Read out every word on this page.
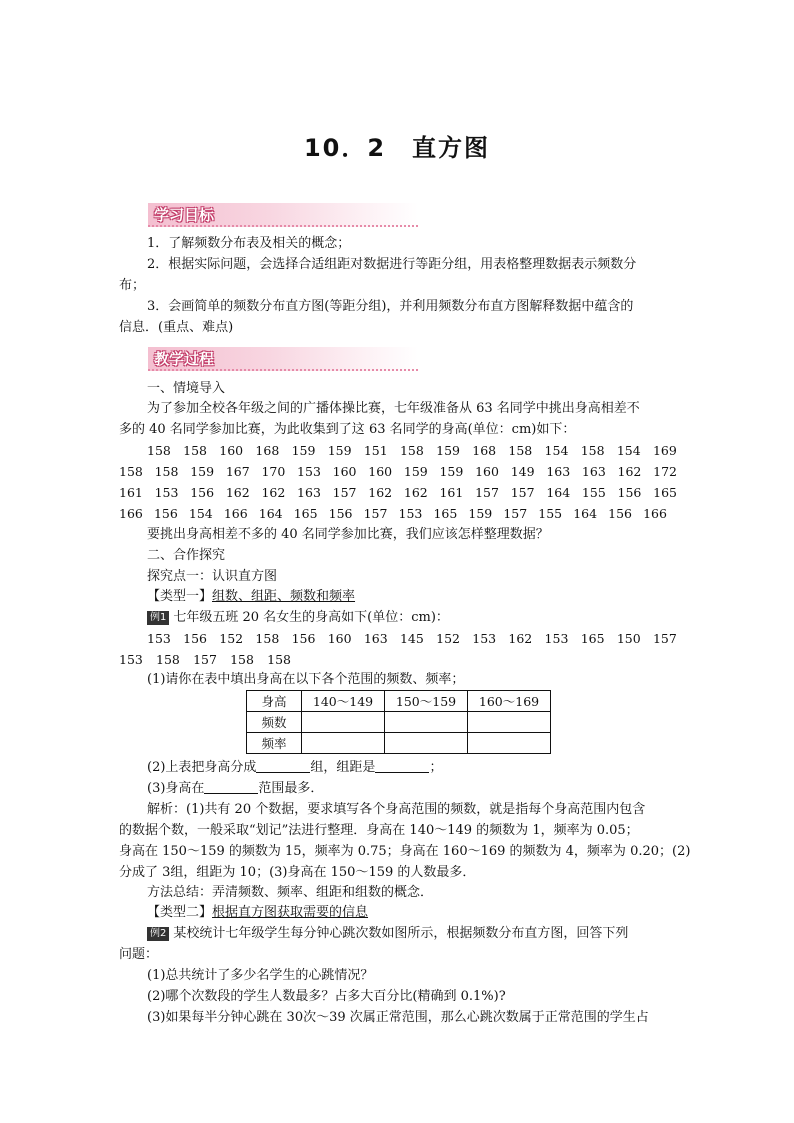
10．2　直方图
学习目标
1．了解频数分布表及相关的概念；
2．根据实际问题，会选择合适组距对数据进行等距分组，用表格整理数据表示频数分
布；
3．会画简单的频数分布直方图(等距分组)，并利用频数分布直方图解释数据中蕴含的
信息．(重点、难点)
教学过程
一、情境导入
为了参加全校各年级之间的广播体操比赛，七年级准备从 63 名同学中挑出身高相差不
多的 40 名同学参加比赛，为此收集到了这 63 名同学的身高(单位：cm)如下：
158 158 160 168 159 159 151 158 159 168 158 154 158 154 169
158 158 159 167 170 153 160 160 159 159 160 149 163 163 162 172
161 153 156 162 162 163 157 162 162 161 157 157 164 155 156 165
166 156 154 166 164 165 156 157 153 165 159 157 155 164 156 166
要挑出身高相差不多的 40 名同学参加比赛，我们应该怎样整理数据？
二、合作探究
探究点一：认识直方图
【类型一】组数、组距、频数和频率
例1 七年级五班 20 名女生的身高如下(单位：cm)：
153 156 152 158 156 160 163 145 152 153 162 153 165 150 157
153 158 157 158 158
(1)请你在表中填出身高在以下各个范围的频数、频率；
身高	140～149	150～159	160～169
频数			
频率			
(2)上表把身高分成	组，组距是	；
(3)身高在	范围最多．
解析：(1)共有 20 个数据，要求填写各个身高范围的频数，就是指每个身高范围内包含
的数据个数，一般采取“划记”法进行整理．身高在 140～149 的频数为 1，频率为 0.05；
身高在 150～159 的频数为 15，频率为 0.75；身高在 160～169 的频数为 4，频率为 0.20；(2)
分成了 3组，组距为 10；(3)身高在 150～159 的人数最多．
方法总结：弄清频数、频率、组距和组数的概念．
【类型二】根据直方图获取需要的信息
例2 某校统计七年级学生每分钟心跳次数如图所示，根据频数分布直方图，回答下列
问题：
(1)总共统计了多少名学生的心跳情况？
(2)哪个次数段的学生人数最多？占多大百分比(精确到 0.1%)?
(3)如果每半分钟心跳在 30次～39 次属正常范围，那么心跳次数属于正常范围的学生占
